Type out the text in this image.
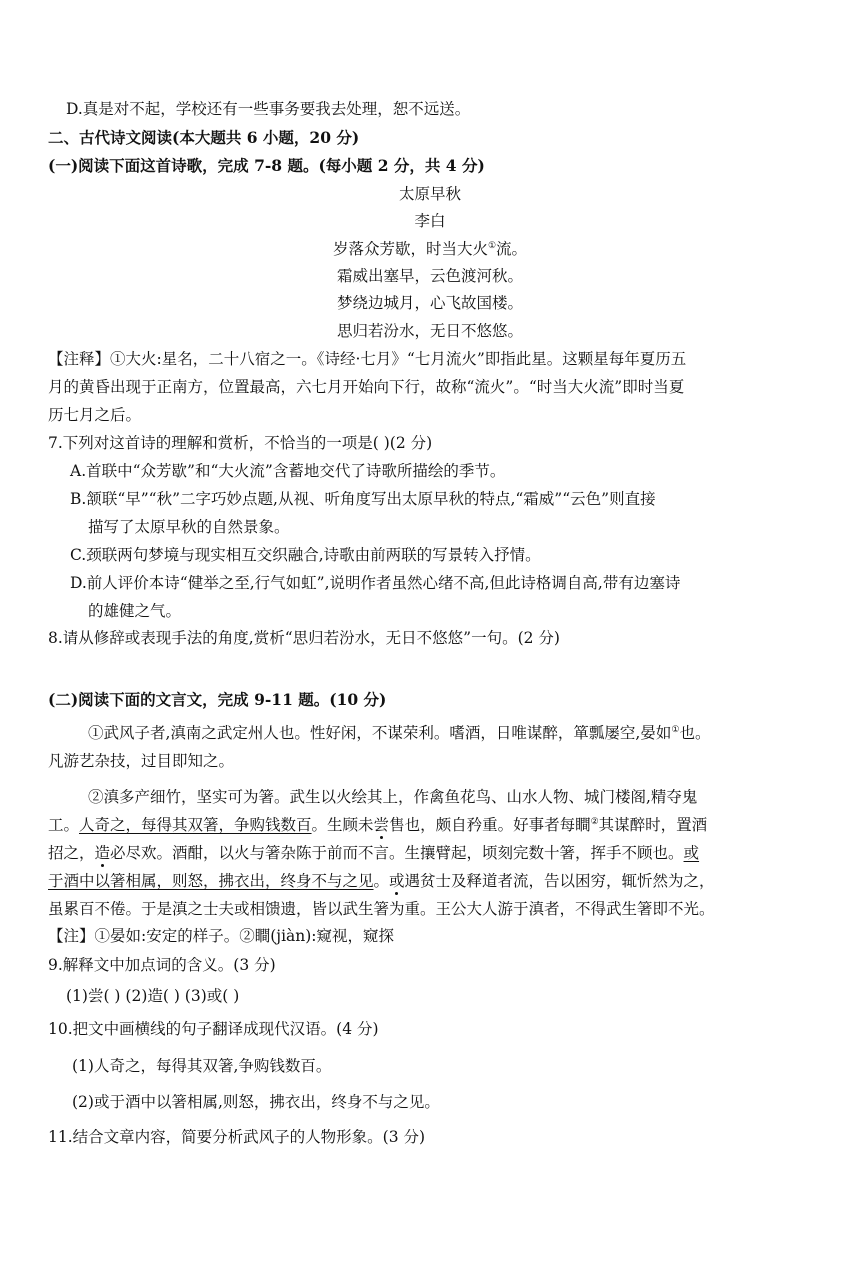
D.真是对不起，学校还有一些事务要我去处理，恕不远送。
二、古代诗文阅读(本大题共 6 小题，20 分)
(一)阅读下面这首诗歌，完成 7-8 题。(每小题 2 分，共 4 分)
太原早秋
李白
岁落众芳歇，时当大火①流。
霜威出塞早，云色渡河秋。
梦绕边城月，心飞故国楼。
思归若汾水，无日不悠悠。
【注释】①大火:星名，二十八宿之一。《诗经·七月》“七月流火”即指此星。这颗星每年夏历五
月的黄昏出现于正南方，位置最高，六七月开始向下行，故称“流火”。“时当大火流”即时当夏
历七月之后。
7.下列对这首诗的理解和赏析，不恰当的一项是( )(2 分)
A.首联中“众芳歇”和“大火流”含蓄地交代了诗歌所描绘的季节。
B.颔联“早”“秋”二字巧妙点题,从视、听角度写出太原早秋的特点,“霜威”“云色”则直接
描写了太原早秋的自然景象。
C.颈联两句梦境与现实相互交织融合,诗歌由前两联的写景转入抒情。
D.前人评价本诗“健举之至,行气如虹”,说明作者虽然心绪不高,但此诗格调自高,带有边塞诗
的雄健之气。
8.请从修辞或表现手法的角度,赏析“思归若汾水，无日不悠悠”一句。(2 分)
(二)阅读下面的文言文，完成 9-11 题。(10 分)
①武风子者,滇南之武定州人也。性好闲，不谋荣利。嗜酒，日唯谋醉，箪瓢屡空,晏如①也。
凡游艺杂技，过目即知之。
②滇多产细竹，坚实可为箸。武生以火绘其上，作禽鱼花鸟、山水人物、城门楼阁,精夺鬼
工。人奇之，每得其双箸，争购钱数百。生顾未尝售也，颇自矜重。好事者每瞷②其谋醉时，置酒
招之，造必尽欢。酒酣，以火与箸杂陈于前而不言。生攘臂起，顷刻完数十箸，挥手不顾也。或
于酒中以箸相属，则怒，拂衣出，终身不与之见。或遇贫士及释道者流，告以困穷，辄忻然为之，
虽累百不倦。于是滇之士夫或相馈遗，皆以武生箸为重。王公大人游于滇者，不得武生箸即不光。
【注】①晏如:安定的样子。②瞷(jiàn):窥视，窥探
9.解释文中加点词的含义。(3 分)
(1)尝( ) (2)造( ) (3)或( )
10.把文中画横线的句子翻译成现代汉语。(4 分)
(1)人奇之，每得其双箸,争购钱数百。
(2)或于酒中以箸相属,则怒，拂衣出，终身不与之见。
11.结合文章内容，简要分析武风子的人物形象。(3 分)
